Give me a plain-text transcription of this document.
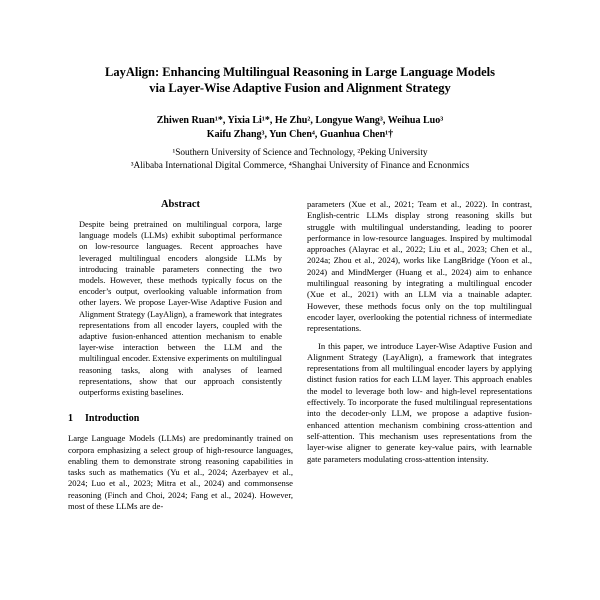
LayAlign: Enhancing Multilingual Reasoning in Large Language Models
via Layer-Wise Adaptive Fusion and Alignment Strategy
Zhiwen Ruan¹*, Yixia Li¹*, He Zhu², Longyue Wang³, Weihua Luo³
Kaifu Zhang³, Yun Chen⁴, Guanhua Chen¹†
¹Southern University of Science and Technology, ²Peking University
³Alibaba International Digital Commerce, ⁴Shanghai University of Finance and Ecnonmics
Abstract

Despite being pretrained on multilingual corpora, large language models (LLMs) exhibit suboptimal performance on low-resource languages. Recent approaches have leveraged multilingual encoders alongside LLMs by introducing trainable parameters connecting the two models. However, these methods typically focus on the encoder’s output, overlooking valuable information from other layers. We propose Layer-Wise Adaptive Fusion and Alignment Strategy (LayAlign), a framework that integrates representations from all encoder layers, coupled with the adaptive fusion-enhanced attention mechanism to enable layer-wise interaction between the LLM and the multilingual encoder. Extensive experiments on multilingual reasoning tasks, along with analyses of learned representations, show that our approach consistently outperforms existing baselines.

1 Introduction

Large Language Models (LLMs) are predominantly trained on corpora emphasizing a select group of high-resource languages, enabling them to demonstrate strong reasoning capabilities in tasks such as mathematics (Yu et al., 2024; Azerbayev et al., 2024; Luo et al., 2023; Mitra et al., 2024) and commonsense reasoning (Finch and Choi, 2024; Fang et al., 2024). However, most of these LLMs are de-

parameters (Xue et al., 2021; Team et al., 2022). In contrast, English-centric LLMs display strong reasoning skills but struggle with multilingual understanding, leading to poorer performance in low-resource languages. Inspired by multimodal approaches (Alayrac et al., 2022; Liu et al., 2023; Chen et al., 2024a; Zhou et al., 2024), works like LangBridge (Yoon et al., 2024) and MindMerger (Huang et al., 2024) aim to enhance multilingual reasoning by integrating a multilingual encoder (Xue et al., 2021) with an LLM via a tnainable adapter. However, these methods focus only on the top multilingual encoder layer, overlooking the potential richness of intermediate representations.

In this paper, we introduce Layer-Wise Adaptive Fusion and Alignment Strategy (LayAlign), a framework that integrates representations from all multilingual encoder layers by applying distinct fusion ratios for each LLM layer. This approach enables the model to leverage both low- and high-level representations effectively. To incorporate the fused multilingual representations into the decoder-only LLM, we propose a adaptive fusion-enhanced attention mechanism combining cross-attention and self-attention. This mechanism uses representations from the layer-wise aligner to generate key-value pairs, with learnable gate parameters modulating cross-attention intensity.
